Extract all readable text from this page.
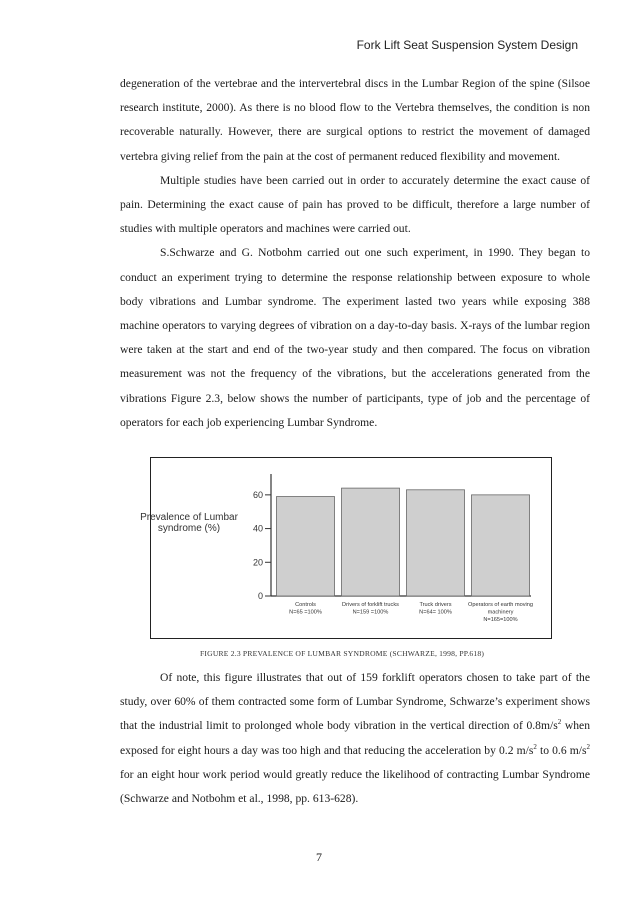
Fork Lift Seat Suspension System Design

degeneration of the vertebrae and the intervertebral discs in the Lumbar Region of the spine (Silsoe research institute, 2000). As there is no blood flow to the Vertebra themselves, the condition is non recoverable naturally. However, there are surgical options to restrict the movement of damaged vertebra giving relief from the pain at the cost of permanent reduced flexibility and movement.

Multiple studies have been carried out in order to accurately determine the exact cause of pain. Determining the exact cause of pain has proved to be difficult, therefore a large number of studies with multiple operators and machines were carried out.

S.Schwarze and G. Notbohm carried out one such experiment, in 1990. They began to conduct an experiment trying to determine the response relationship between exposure to whole body vibrations and Lumbar syndrome. The experiment lasted two years while exposing 388 machine operators to varying degrees of vibration on a day-to-day basis. X-rays of the lumbar region were taken at the start and end of the two-year study and then compared. The focus on vibration measurement was not the frequency of the vibrations, but the accelerations generated from the vibrations Figure 2.3, below shows the number of participants, type of job and the percentage of operators for each job experiencing Lumbar Syndrome.

Prevalence of Lumbar
syndrome (%)
0
20
40
60
Controls
N=65 =100%
Drivers of forklift trucks
N=159 =100%
Truck drivers
N=64= 100%
Operators of earth moving
machinery
N=165=100%
FIGURE 2.3 PREVALENCE OF LUMBAR SYNDROME (SCHWARZE, 1998, PP.618)

Of note, this figure illustrates that out of 159 forklift operators chosen to take part of the study, over 60% of them contracted some form of Lumbar Syndrome, Schwarze’s experiment shows that the industrial limit to prolonged whole body vibration in the vertical direction of $0.8m/s^2$ when exposed for eight hours a day was too high and that reducing the acceleration by 0.2 $m/s^2$ to 0.6 $m/s^2$ for an eight hour work period would greatly reduce the likelihood of contracting Lumbar Syndrome (Schwarze and Notbohm et al., 1998, pp. 613-628).

7
